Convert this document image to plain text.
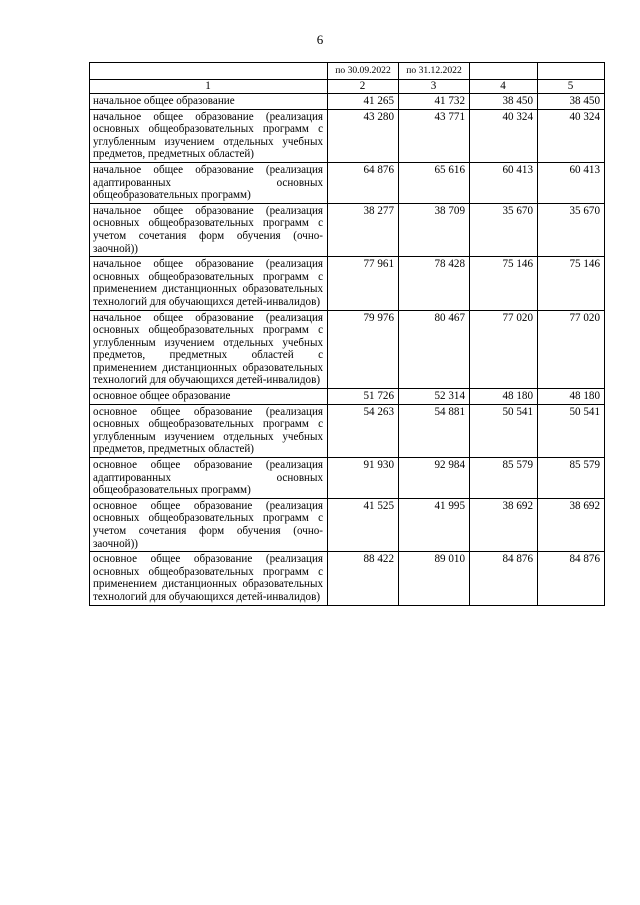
6
	по 30.09.2022	по 31.12.2022		
1	2	3	4	5
начальное общее образование	41 265	41 732	38 450	38 450
начальное общее образование (реализация основных общеобразовательных программ с углубленным изучением отдельных учебных предметов, предметных областей)	43 280	43 771	40 324	40 324
начальное общее образование (реализация адаптированных основных общеобразовательных программ)	64 876	65 616	60 413	60 413
начальное общее образование (реализация основных общеобразовательных программ с учетом сочетания форм обучения (очно-заочной))	38 277	38 709	35 670	35 670
начальное общее образование (реализация основных общеобразовательных программ с применением дистанционных образовательных технологий для обучающихся детей-инвалидов)	77 961	78 428	75 146	75 146
начальное общее образование (реализация основных общеобразовательных программ с углубленным изучением отдельных учебных предметов, предметных областей с применением дистанционных образовательных технологий для обучающихся детей-инвалидов)	79 976	80 467	77 020	77 020
основное общее образование	51 726	52 314	48 180	48 180
основное общее образование (реализация основных общеобразовательных программ с углубленным изучением отдельных учебных предметов, предметных областей)	54 263	54 881	50 541	50 541
основное общее образование (реализация адаптированных основных общеобразовательных программ)	91 930	92 984	85 579	85 579
основное общее образование (реализация основных общеобразовательных программ с учетом сочетания форм обучения (очно-заочной))	41 525	41 995	38 692	38 692
основное общее образование (реализация основных общеобразовательных программ с применением дистанционных образовательных технологий для обучающихся детей-инвалидов)	88 422	89 010	84 876	84 876
